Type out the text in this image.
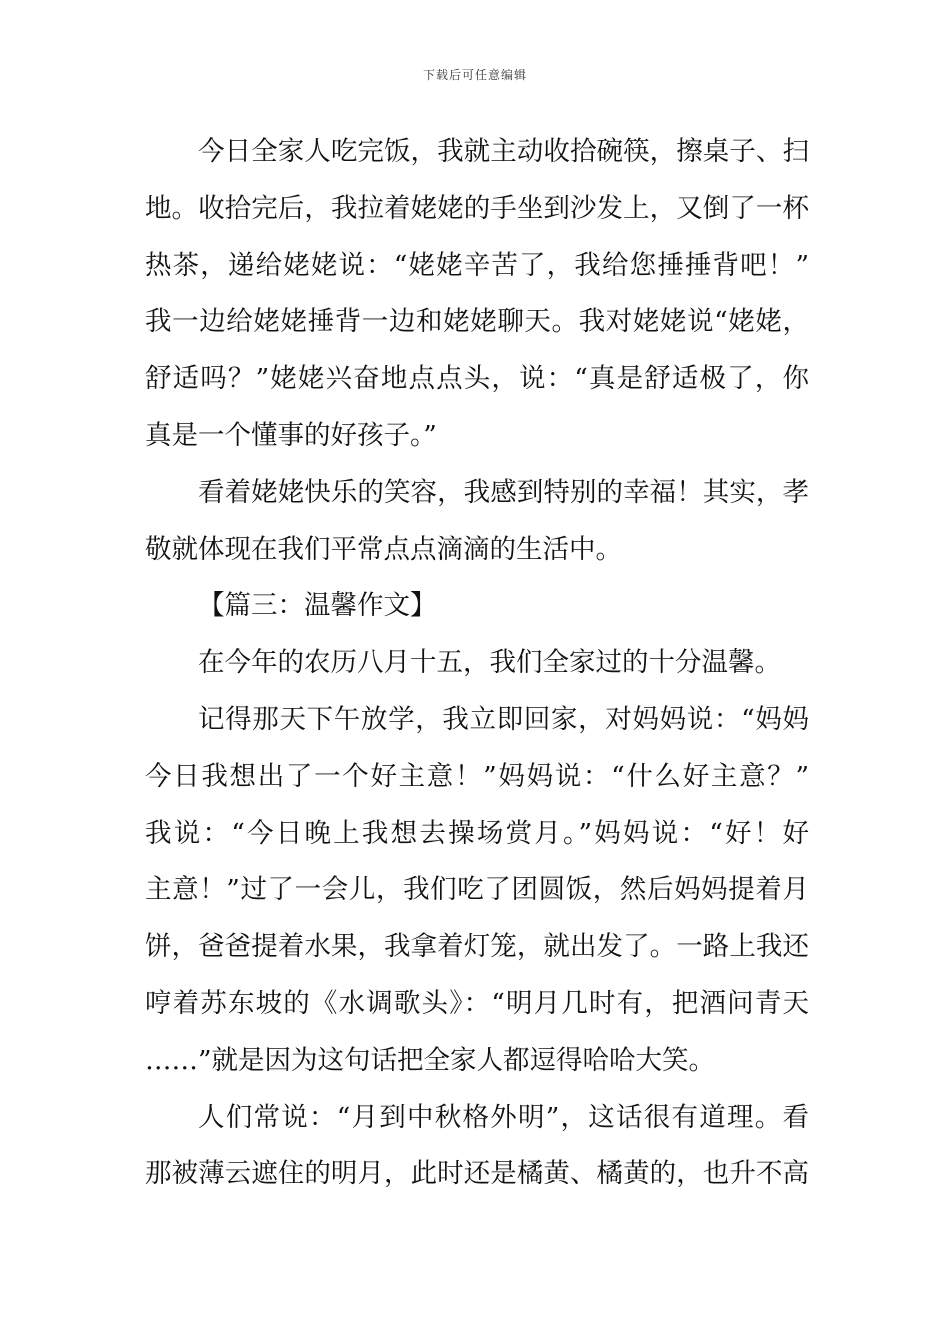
下载后可任意编辑
今日全家人吃完饭，我就主动收拾碗筷，擦桌子、扫
地。收拾完后，我拉着姥姥的手坐到沙发上，又倒了一杯
热茶，递给姥姥说：“姥姥辛苦了，我给您捶捶背吧！”
我一边给姥姥捶背一边和姥姥聊天。我对姥姥说“姥姥，
舒适吗？”姥姥兴奋地点点头，说：“真是舒适极了，你
真是一个懂事的好孩子。”
看着姥姥快乐的笑容，我感到特别的幸福！其实，孝
敬就体现在我们平常点点滴滴的生活中。
【篇三：温馨作文】
在今年的农历八月十五，我们全家过的十分温馨。
记得那天下午放学，我立即回家，对妈妈说：“妈妈
今日我想出了一个好主意！”妈妈说：“什么好主意？”
我说：“今日晚上我想去操场赏月。”妈妈说：“好！好
主意！”过了一会儿，我们吃了团圆饭，然后妈妈提着月
饼，爸爸提着水果，我拿着灯笼，就出发了。一路上我还
哼着苏东坡的《水调歌头》：“明月几时有，把酒问青天
……”就是因为这句话把全家人都逗得哈哈大笑。
人们常说：“月到中秋格外明”，这话很有道理。看
那被薄云遮住的明月，此时还是橘黄、橘黄的，也升不高
